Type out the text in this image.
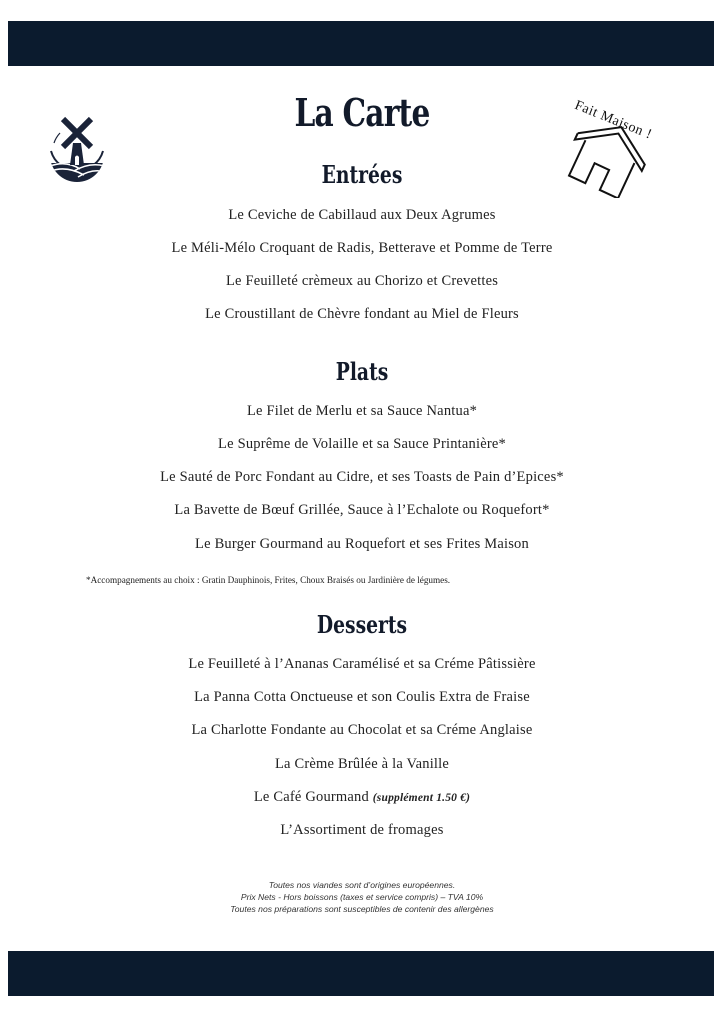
La Carte	Fait Maison !
Entrées
Le Ceviche de Cabillaud aux Deux Agrumes
Le Méli-Mélo Croquant de Radis, Betterave et Pomme de Terre
Le Feuilleté crèmeux au Chorizo et Crevettes
Le Croustillant de Chèvre fondant au Miel de Fleurs
Plats
Le Filet de Merlu et sa Sauce Nantua*
Le Suprême de Volaille et sa Sauce Printanière*
Le Sauté de Porc Fondant au Cidre, et ses Toasts de Pain d’Epices*
La Bavette de Bœuf Grillée, Sauce à l’Echalote ou Roquefort*
Le Burger Gourmand au Roquefort et ses Frites Maison
*Accompagnements au choix : Gratin Dauphinois, Frites, Choux Braisés ou Jardinière de légumes.
Desserts
Le Feuilleté à l’Ananas Caramélisé et sa Créme Pâtissière
La Panna Cotta Onctueuse et son Coulis Extra de Fraise
La Charlotte Fondante au Chocolat et sa Créme Anglaise
La Crème Brûlée à la Vanille
Le Café Gourmand (supplément 1.50 €)
L’Assortiment de fromages
Toutes nos viandes sont d’origines européennes.
Prix Nets - Hors boissons (taxes et service compris) – TVA 10%
Toutes nos préparations sont susceptibles de contenir des allergènes
